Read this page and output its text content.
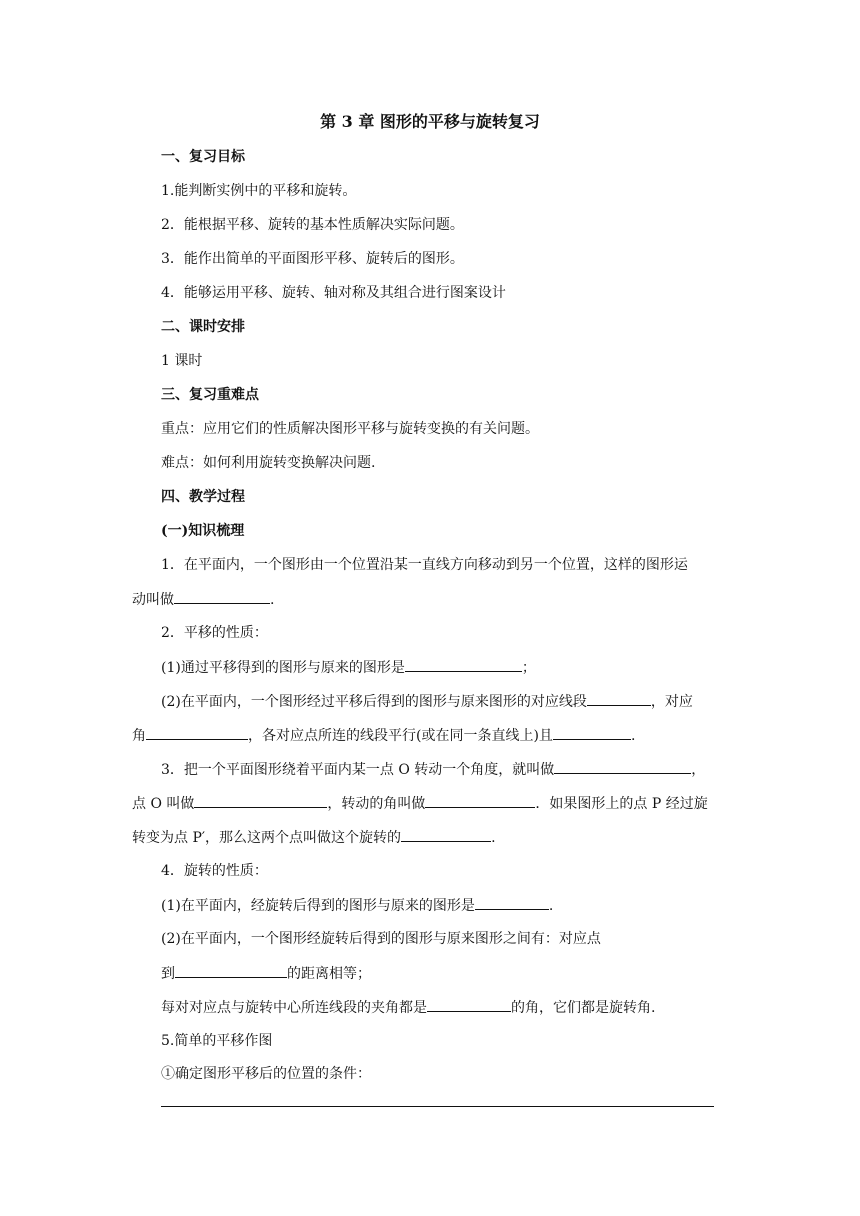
第 3 章 图形的平移与旋转复习
一、复习目标
1.能判断实例中的平移和旋转。
2．能根据平移、旋转的基本性质解决实际问题。
3．能作出简单的平面图形平移、旋转后的图形。
4．能够运用平移、旋转、轴对称及其组合进行图案设计
二、课时安排
1 课时
三、复习重难点
重点：应用它们的性质解决图形平移与旋转变换的有关问题。
难点：如何利用旋转变换解决问题.
四、教学过程
(一)知识梳理
1．在平面内，一个图形由一个位置沿某一直线方向移动到另一个位置，这样的图形运
动叫做	.
2．平移的性质：
(1)通过平移得到的图形与原来的图形是	；
(2)在平面内，一个图形经过平移后得到的图形与原来图形的对应线段	，对应
角	，各对应点所连的线段平行(或在同一条直线上)且	.
3．把一个平面图形绕着平面内某一点 O 转动一个角度，就叫做	，
点 O 叫做	，转动的角叫做	．如果图形上的点 P 经过旋
转变为点 P′，那么这两个点叫做这个旋转的	.
4．旋转的性质：
(1)在平面内，经旋转后得到的图形与原来的图形是	.
(2)在平面内，一个图形经旋转后得到的图形与原来图形之间有：对应点
到	的距离相等；
每对对应点与旋转中心所连线段的夹角都是	的角，它们都是旋转角.
5.简单的平移作图
①确定图形平移后的位置的条件：
